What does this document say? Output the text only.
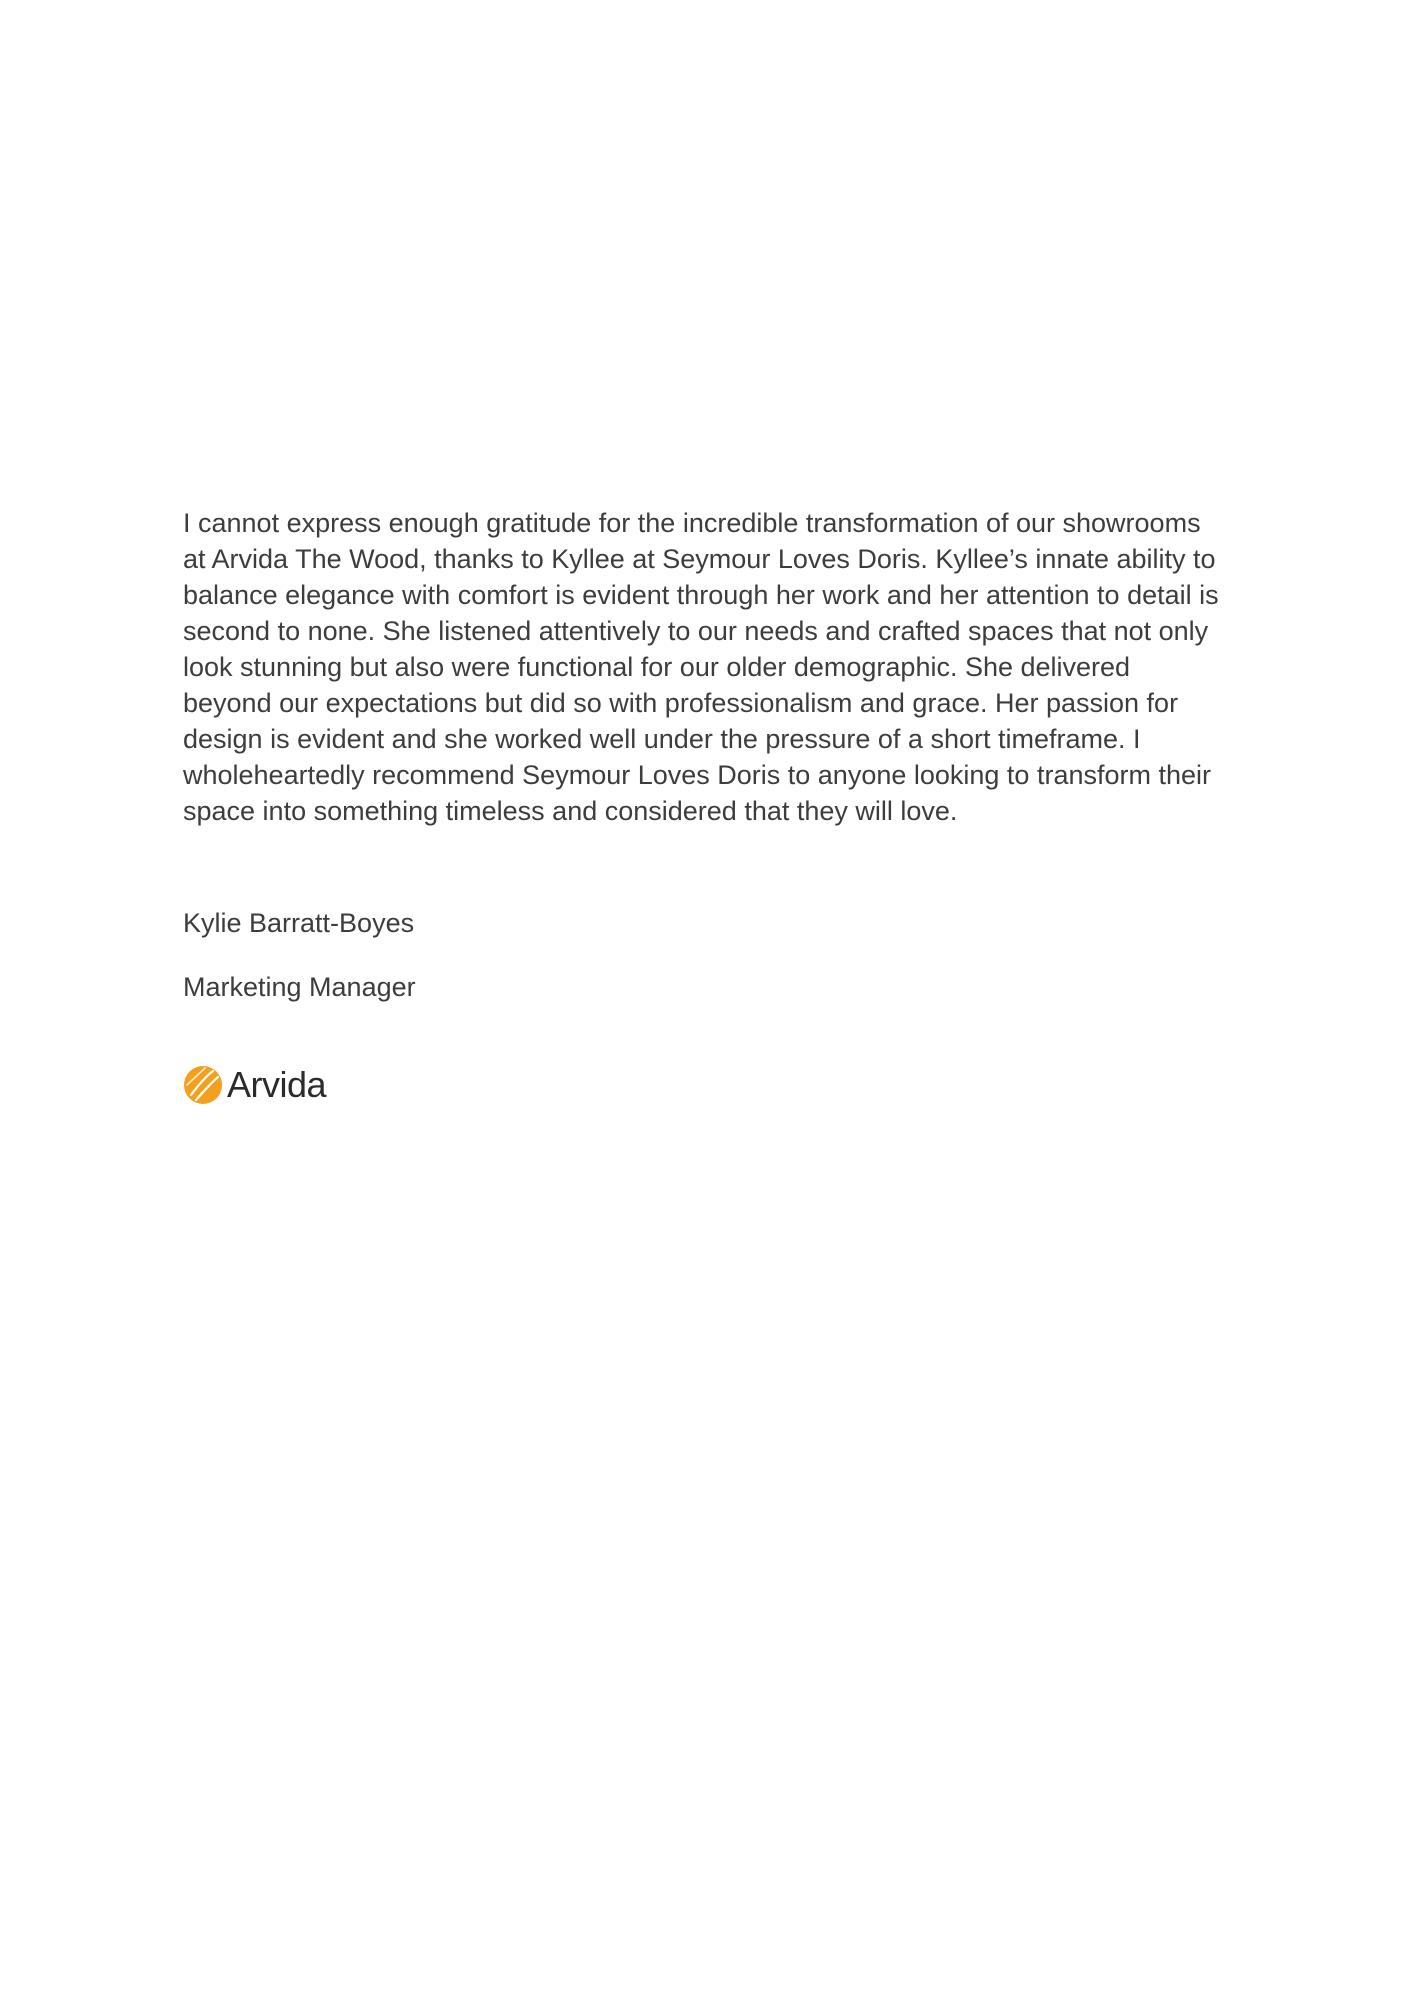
I cannot express enough gratitude for the incredible transformation of our showrooms at Arvida The Wood, thanks to Kyllee at Seymour Loves Doris. Kyllee’s innate ability to balance elegance with comfort is evident through her work and her attention to detail is second to none. She listened attentively to our needs and crafted spaces that not only look stunning but also were functional for our older demographic. She delivered beyond our expectations but did so with professionalism and grace. Her passion for design is evident and she worked well under the pressure of a short timeframe. I wholeheartedly recommend Seymour Loves Doris to anyone looking to transform their space into something timeless and considered that they will love.

Kylie Barratt-Boyes

Marketing Manager

Arvida
